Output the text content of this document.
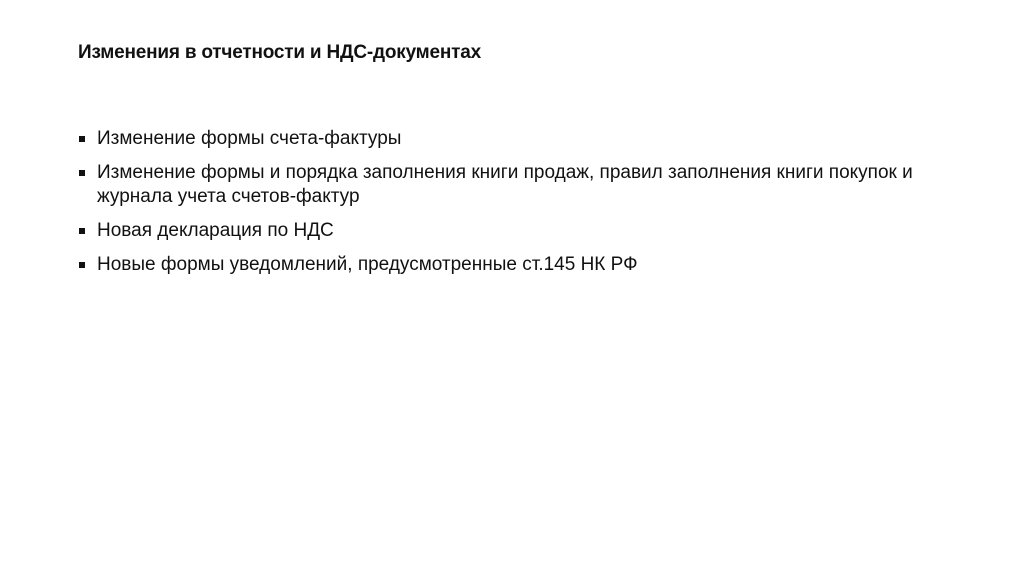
Изменения в отчетности и НДС-документах
Изменение формы счета-фактуры
Изменение формы и порядка заполнения книги продаж, правил заполнения книги покупок и журнала учета счетов-фактур
Новая декларация по НДС
Новые формы уведомлений, предусмотренные ст.145 НК РФ
